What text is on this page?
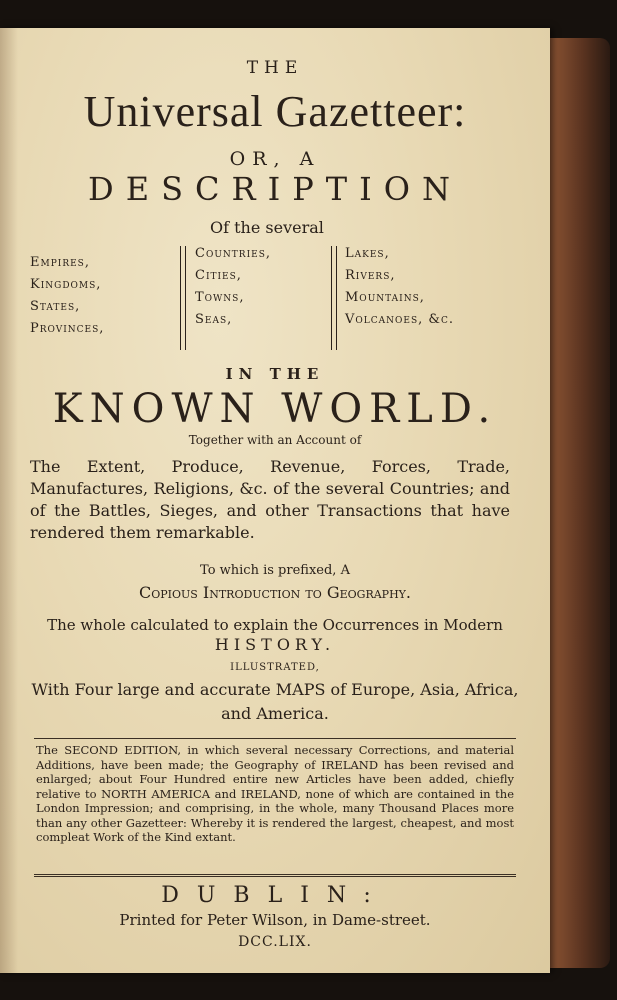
THE
Universal Gazetteer:
OR, A
DESCRIPTION
Of the several
Empires,
Kingdoms,
States,
Provinces,
Countries,
Cities,
Towns,
Seas,
Lakes,
Rivers,
Mountains,
Volcanoes, &c.
IN THE
KNOWN WORLD.
Together with an Account of
The Extent, Produce, Revenue, Forces, Trade, Manufactures, Religions, &c. of the several Countries; and of the Battles, Sieges, and other Transactions that have rendered them remarkable.
To which is prefixed, A
Copious Introduction to Geography.
The whole calculated to explain the Occurrences in Modern
HISTORY.
ILLUSTRATED,
With Four large and accurate MAPS of Europe, Asia, Africa, and America.
The SECOND EDITION, in which several necessary Corrections, and material Additions, have been made; the Geography of IRELAND has been revised and enlarged; about Four Hundred entire new Articles have been added, chiefly relative to NORTH AMERICA and IRELAND, none of which are contained in the London Impression; and comprising, in the whole, many Thousand Places more than any other Gazetteer: Whereby it is rendered the largest, cheapest, and most compleat Work of the Kind extant.
DUBLIN:
Printed for Peter Wilson, in Dame-street.
DCC.LIX.
